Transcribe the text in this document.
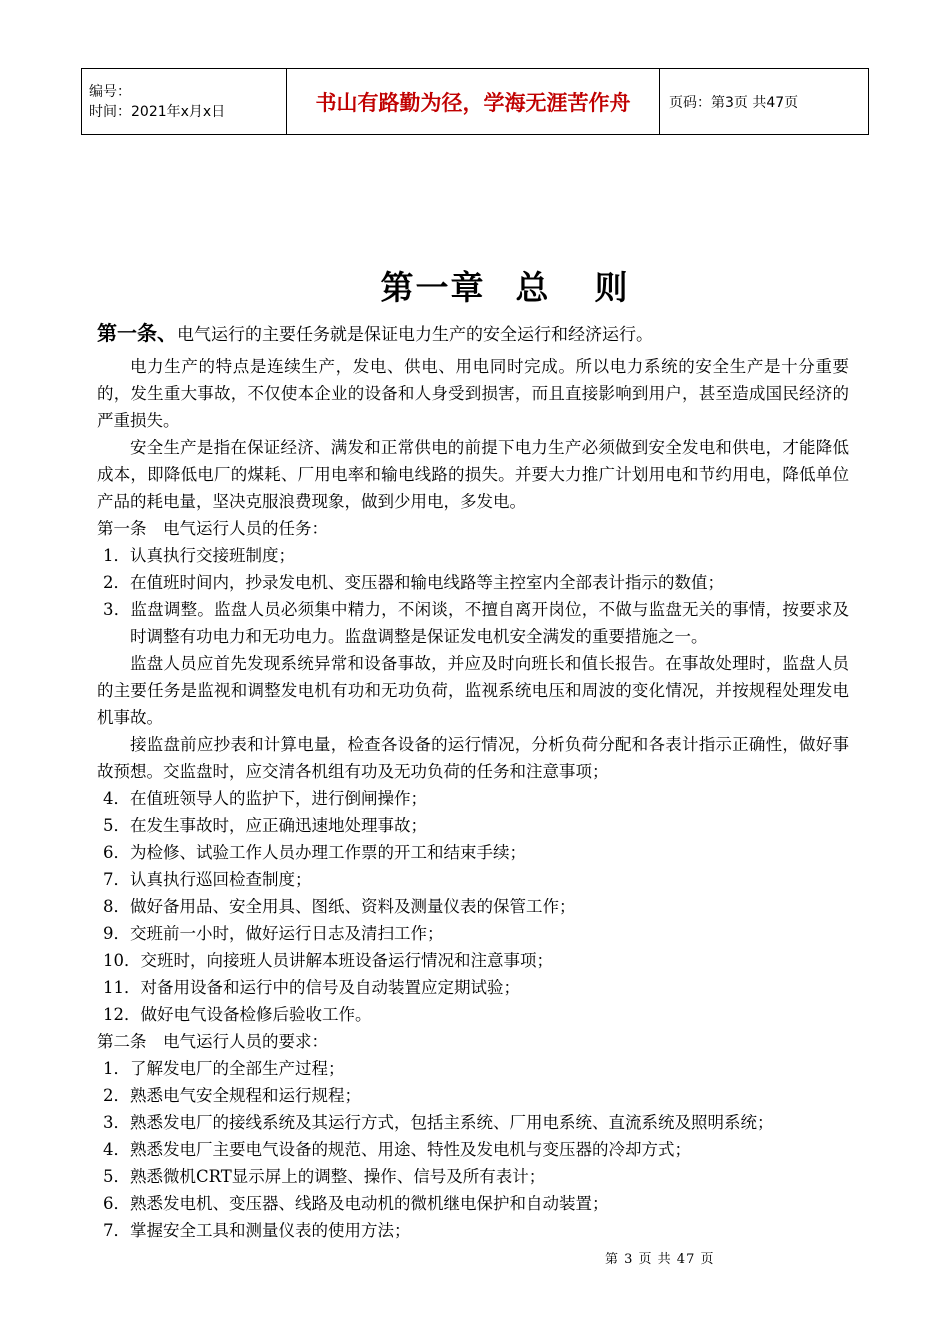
编号：
时间：2021年x月x日	书山有路勤为径，学海无涯苦作舟	页码：第3页 共47页
第一章 总 则

第一条、电气运行的主要任务就是保证电力生产的安全运行和经济运行。

电力生产的特点是连续生产，发电、供电、用电同时完成。所以电力系统的安全生产是十分重要的，发生重大事故，不仅使本企业的设备和人身受到损害，而且直接影响到用户，甚至造成国民经济的严重损失。

安全生产是指在保证经济、满发和正常供电的前提下电力生产必须做到安全发电和供电，才能降低成本，即降低电厂的煤耗、厂用电率和输电线路的损失。并要大力推广计划用电和节约用电，降低单位产品的耗电量，坚决克服浪费现象，做到少用电，多发电。

第一条　电气运行人员的任务：

1．认真执行交接班制度；

2．在值班时间内，抄录发电机、变压器和输电线路等主控室内全部表计指示的数值；

3．监盘调整。监盘人员必须集中精力，不闲谈，不擅自离开岗位，不做与监盘无关的事情，按要求及时调整有功电力和无功电力。监盘调整是保证发电机安全满发的重要措施之一。

监盘人员应首先发现系统异常和设备事故，并应及时向班长和值长报告。在事故处理时，监盘人员的主要任务是监视和调整发电机有功和无功负荷，监视系统电压和周波的变化情况，并按规程处理发电机事故。

接监盘前应抄表和计算电量，检查各设备的运行情况，分析负荷分配和各表计指示正确性，做好事故预想。交监盘时，应交清各机组有功及无功负荷的任务和注意事项；

4．在值班领导人的监护下，进行倒闸操作；

5．在发生事故时，应正确迅速地处理事故；

6．为检修、试验工作人员办理工作票的开工和结束手续；

7．认真执行巡回检查制度；

8．做好备用品、安全用具、图纸、资料及测量仪表的保管工作；

9．交班前一小时，做好运行日志及清扫工作；

10．交班时，向接班人员讲解本班设备运行情况和注意事项；

11．对备用设备和运行中的信号及自动装置应定期试验；

12．做好电气设备检修后验收工作。

第二条　电气运行人员的要求：

1．了解发电厂的全部生产过程；

2．熟悉电气安全规程和运行规程；

3．熟悉发电厂的接线系统及其运行方式，包括主系统、厂用电系统、直流系统及照明系统；

4．熟悉发电厂主要电气设备的规范、用途、特性及发电机与变压器的冷却方式；

5．熟悉微机CRT显示屏上的调整、操作、信号及所有表计；

6．熟悉发电机、变压器、线路及电动机的微机继电保护和自动装置；

7．掌握安全工具和测量仪表的使用方法；

第 3 页 共 47 页
